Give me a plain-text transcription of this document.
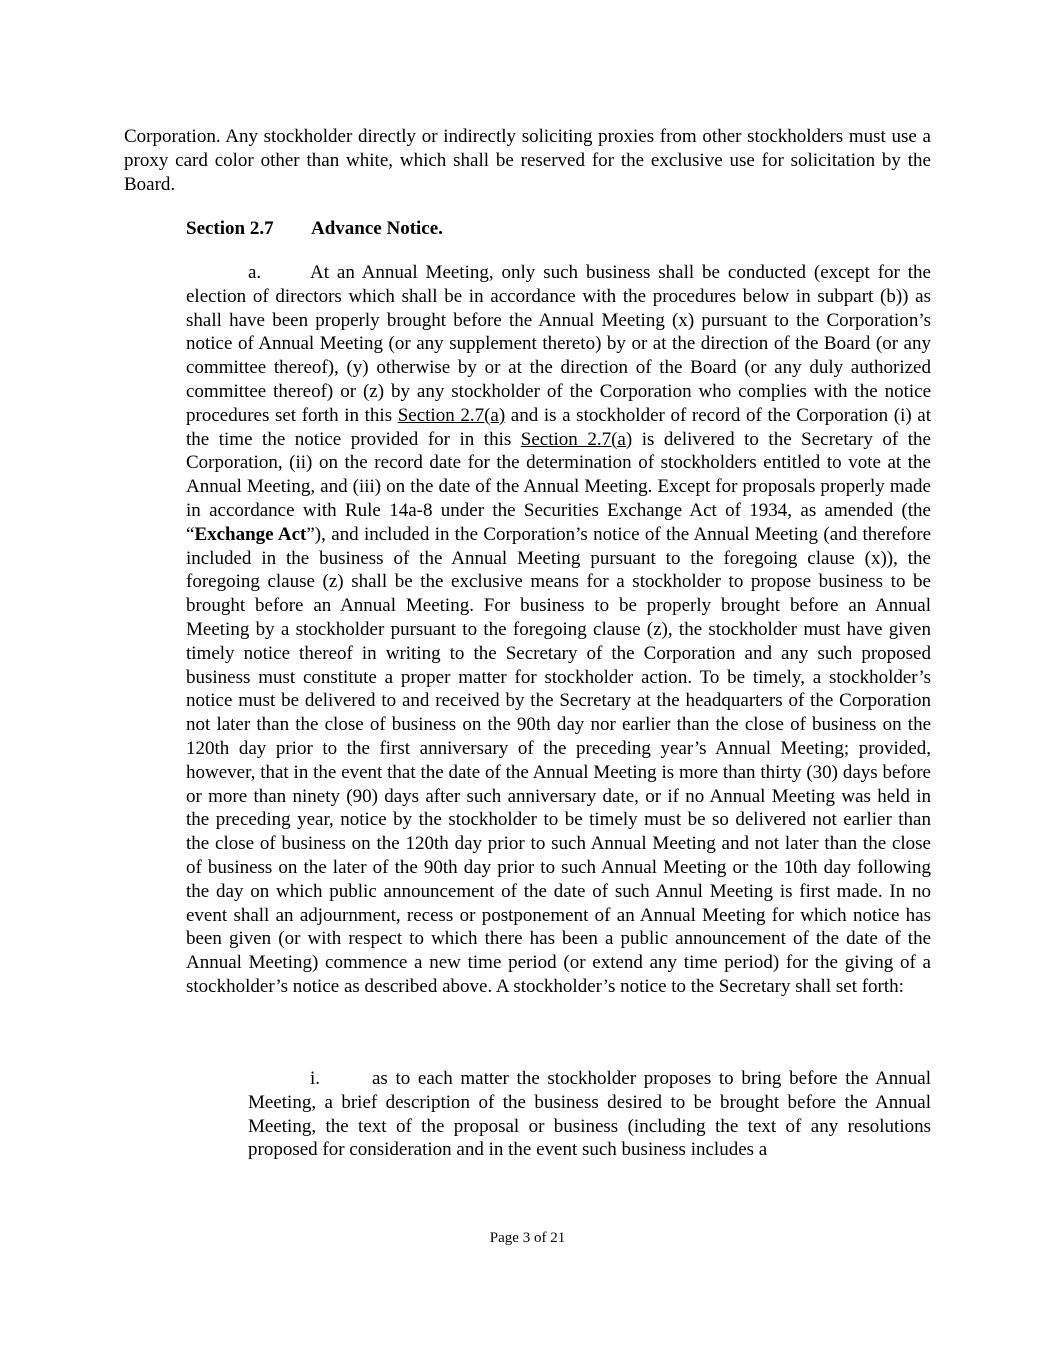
Corporation. Any stockholder directly or indirectly soliciting proxies from other stockholders must use a proxy card color other than white, which shall be reserved for the exclusive use for solicitation by the Board.

Section 2.7 Advance Notice.

a.	At an Annual Meeting, only such business shall be conducted (except for the election of directors which shall be in accordance with the procedures below in subpart (b)) as shall have been properly brought before the Annual Meeting (x) pursuant to the Corporation’s notice of Annual Meeting (or any supplement thereto) by or at the direction of the Board (or any committee thereof), (y) otherwise by or at the direction of the Board (or any duly authorized committee thereof) or (z) by any stockholder of the Corporation who complies with the notice procedures set forth in this Section 2.7(a) and is a stockholder of record of the Corporation (i) at the time the notice provided for in this Section 2.7(a) is delivered to the Secretary of the Corporation, (ii) on the record date for the determination of stockholders entitled to vote at the Annual Meeting, and (iii) on the date of the Annual Meeting. Except for proposals properly made in accordance with Rule 14a-8 under the Securities Exchange Act of 1934, as amended (the “Exchange Act”), and included in the Corporation’s notice of the Annual Meeting (and therefore included in the business of the Annual Meeting pursuant to the foregoing clause (x)), the foregoing clause (z) shall be the exclusive means for a stockholder to propose business to be brought before an Annual Meeting. For business to be properly brought before an Annual Meeting by a stockholder pursuant to the foregoing clause (z), the stockholder must have given timely notice thereof in writing to the Secretary of the Corporation and any such proposed business must constitute a proper matter for stockholder action. To be timely, a stockholder’s notice must be delivered to and received by the Secretary at the headquarters of the Corporation not later than the close of business on the 90th day nor earlier than the close of business on the 120th day prior to the first anniversary of the preceding year’s Annual Meeting; provided, however, that in the event that the date of the Annual Meeting is more than thirty (30) days before or more than ninety (90) days after such anniversary date, or if no Annual Meeting was held in the preceding year, notice by the stockholder to be timely must be so delivered not earlier than the close of business on the 120th day prior to such Annual Meeting and not later than the close of business on the later of the 90th day prior to such Annual Meeting or the 10th day following the day on which public announcement of the date of such Annul Meeting is first made. In no event shall an adjournment, recess or postponement of an Annual Meeting for which notice has been given (or with respect to which there has been a public announcement of the date of the Annual Meeting) commence a new time period (or extend any time period) for the giving of a stockholder’s notice as described above. A stockholder’s notice to the Secretary shall set forth:

i.	as to each matter the stockholder proposes to bring before the Annual Meeting, a brief description of the business desired to be brought before the Annual Meeting, the text of the proposal or business (including the text of any resolutions proposed for consideration and in the event such business includes a

Page 3 of 21
